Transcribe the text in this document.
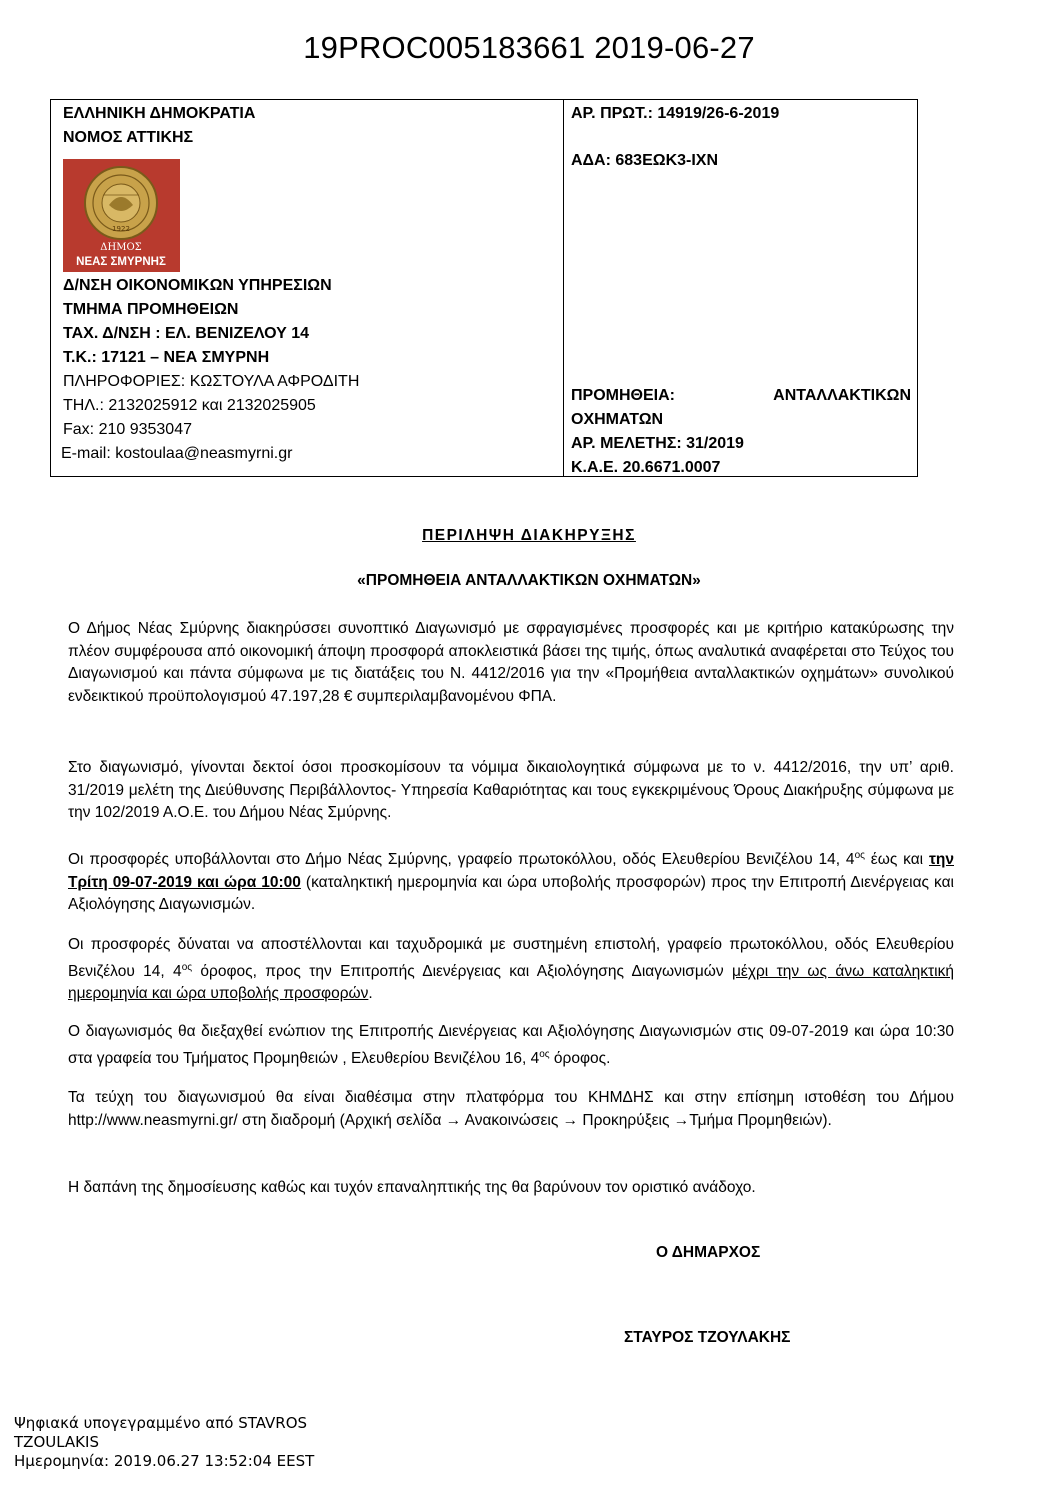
19PROC005183661 2019-06-27
ΕΛΛΗΝΙΚΗ ΔΗΜΟΚΡΑΤΙΑ
ΝΟΜΟΣ ΑΤΤΙΚΗΣ
1922
ΔΗΜΟΣ
ΝΕΑΣ ΣΜΥΡΝΗΣ
Δ/ΝΣΗ ΟΙΚΟΝΟΜΙΚΩΝ ΥΠΗΡΕΣΙΩΝ
ΤΜΗΜΑ ΠΡΟΜΗΘΕΙΩΝ
ΤΑΧ. Δ/ΝΣΗ : ΕΛ. ΒΕΝΙΖΕΛΟΥ 14
Τ.Κ.: 17121 – ΝΕΑ ΣΜΥΡΝΗ
ΠΛΗΡΟΦΟΡΙΕΣ: ΚΩΣΤΟΥΛΑ ΑΦΡΟΔΙΤΗ
ΤΗΛ.: 2132025912 και 2132025905
Fax: 210 9353047
E-mail: kostoulaa@neasmyrni.gr
ΑΡ. ΠΡΩΤ.: 14919/26-6-2019
ΑΔΑ: 683ΕΩΚ3-ΙΧΝ
ΠΡΟΜΗΘΕΙΑ:	ΑΝΤΑΛΛΑΚΤΙΚΩΝ
ΟΧΗΜΑΤΩΝ
ΑΡ. ΜΕΛΕΤΗΣ: 31/2019
Κ.Α.Ε. 20.6671.0007
ΠΕΡΙΛΗΨΗ ΔΙΑΚΗΡΥΞΗΣ
«ΠΡΟΜΗΘΕΙΑ ΑΝΤΑΛΛΑΚΤΙΚΩΝ ΟΧΗΜΑΤΩΝ»
Ο Δήμος Νέας Σμύρνης διακηρύσσει συνοπτικό Διαγωνισμό με σφραγισμένες προσφορές και με κριτήριο κατακύρωσης την πλέον συμφέρουσα από οικονομική άποψη προσφορά αποκλειστικά βάσει της τιμής, όπως αναλυτικά αναφέρεται στο Τεύχος του Διαγωνισμού και πάντα σύμφωνα με τις διατάξεις του Ν. 4412/2016 για την «Προμήθεια ανταλλακτικών οχημάτων» συνολικού ενδεικτικού προϋπολογισμού 47.197,28 € συμπεριλαμβανομένου ΦΠΑ.
Στο διαγωνισμό, γίνονται δεκτοί όσοι προσκομίσουν τα νόμιμα δικαιολογητικά σύμφωνα με το ν. 4412/2016, την υπ’ αριθ. 31/2019 μελέτη της Διεύθυνσης Περιβάλλοντος- Υπηρεσία Καθαριότητας και τους εγκεκριμένους Όρους Διακήρυξης σύμφωνα με την 102/2019 Α.Ο.Ε. του Δήμου Νέας Σμύρνης.
Οι προσφορές υποβάλλονται στο Δήμο Νέας Σμύρνης, γραφείο πρωτοκόλλου, οδός Ελευθερίου Βενιζέλου 14, $4^{o\varsigma}$ έως και την Τρίτη 09-07-2019 και ώρα 10:00 (καταληκτική ημερομηνία και ώρα υποβολής προσφορών) προς την Επιτροπή Διενέργειας και Αξιολόγησης Διαγωνισμών.
Οι προσφορές δύναται να αποστέλλονται και ταχυδρομικά με συστημένη επιστολή, γραφείο πρωτοκόλλου, οδός Ελευθερίου Βενιζέλου 14, $4^{o\varsigma}$ όροφος, προς την Επιτροπής Διενέργειας και Αξιολόγησης Διαγωνισμών μέχρι την ως άνω καταληκτική ημερομηνία και ώρα υποβολής προσφορών.
Ο διαγωνισμός θα διεξαχθεί ενώπιον της Επιτροπής Διενέργειας και Αξιολόγησης Διαγωνισμών στις 09-07-2019 και ώρα 10:30 στα γραφεία του Τμήματος Προμηθειών , Ελευθερίου Βενιζέλου 16, $4^{o\varsigma}$ όροφος.
Τα τεύχη του διαγωνισμού θα είναι διαθέσιμα στην πλατφόρμα του ΚΗΜΔΗΣ και στην επίσημη ιστοθέση του Δήμου http://www.neasmyrni.gr/ στη διαδρομή (Αρχική σελίδα → Ανακοινώσεις → Προκηρύξεις →Τμήμα Προμηθειών).
Η δαπάνη της δημοσίευσης καθώς και τυχόν επαναληπτικής της θα βαρύνουν τον οριστικό ανάδοχο.
Ο ΔΗΜΑΡΧΟΣ
ΣΤΑΥΡΟΣ ΤΖΟΥΛΑΚΗΣ
Ψηφιακά υπογεγραμμένο από STAVROS
TZOULAKIS
Ημερομηνία: 2019.06.27 13:52:04 EEST
